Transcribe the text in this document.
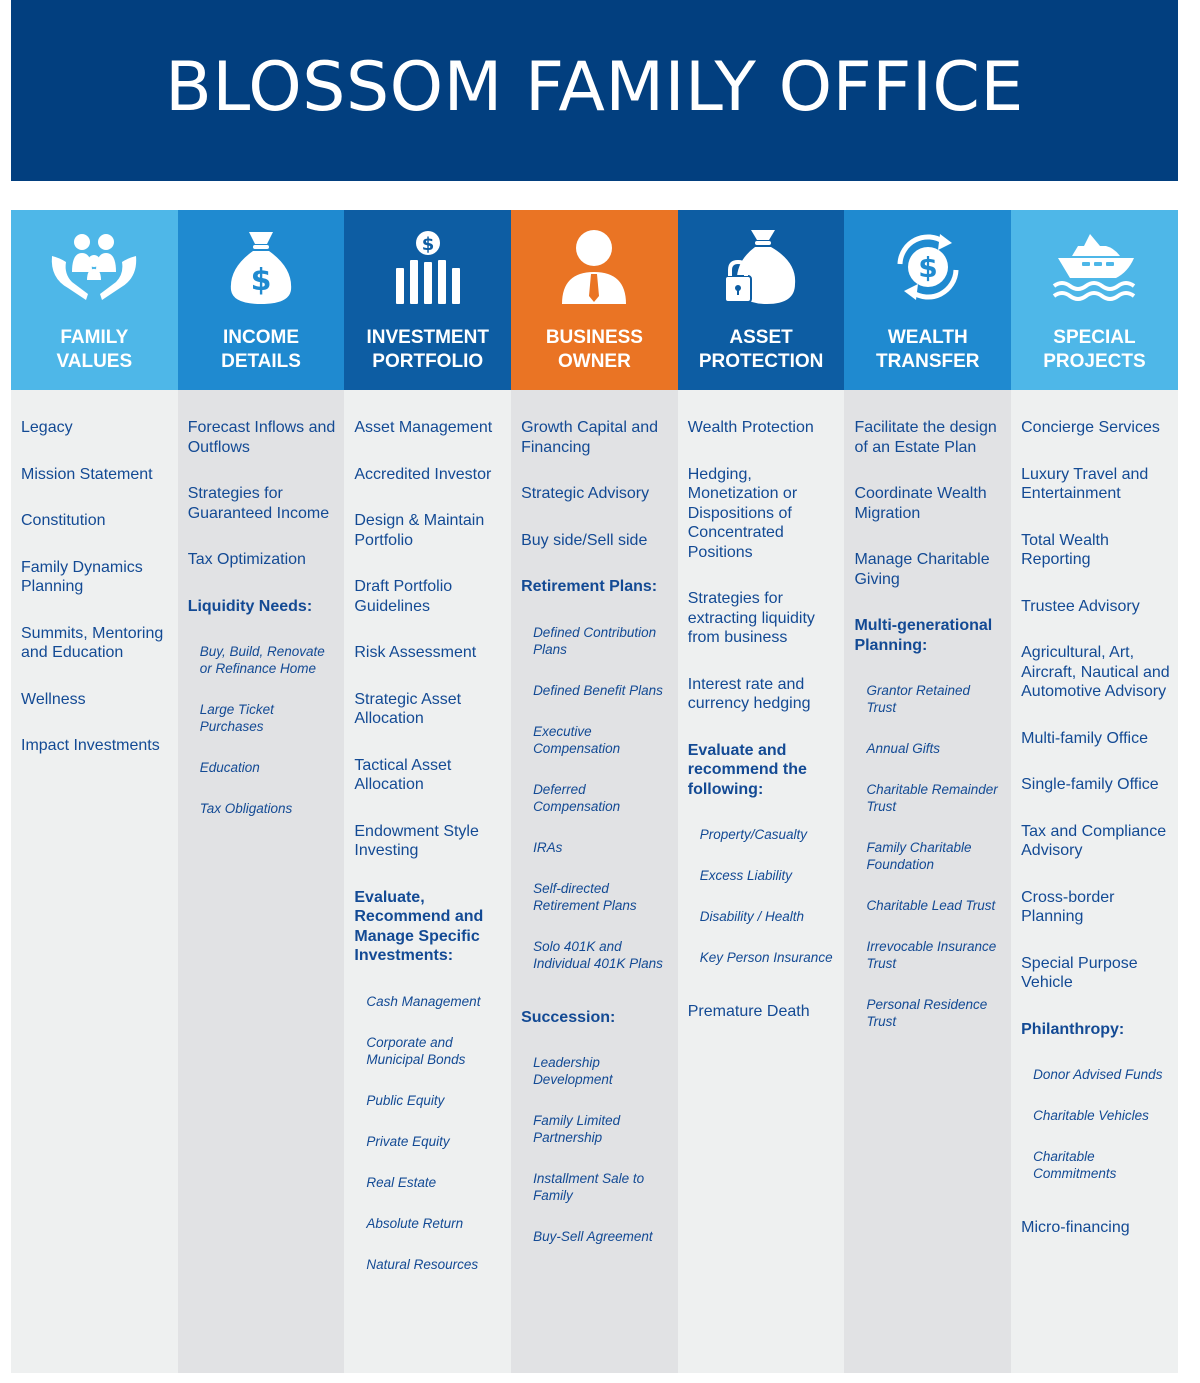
BLOSSOM FAMILY OFFICE
FAMILY
VALUES
Legacy
Mission Statement
Constitution
Family Dynamics Planning
Summits, Mentoring and Education
Wellness
Impact Investments
$
INCOME
DETAILS
Forecast Inflows and Outflows
Strategies for Guaranteed Income
Tax Optimization
Liquidity Needs:
Buy, Build, Renovate or Refinance Home
Large Ticket Purchases
Education
Tax Obligations
$
INVESTMENT
PORTFOLIO
Asset Management
Accredited Investor
Design & Maintain Portfolio
Draft Portfolio Guidelines
Risk Assessment
Strategic Asset Allocation
Tactical Asset Allocation
Endowment Style Investing
Evaluate, Recommend and Manage Specific Investments:
Cash Management
Corporate and Municipal Bonds
Public Equity
Private Equity
Real Estate
Absolute Return
Natural Resources
BUSINESS
OWNER
Growth Capital and Financing
Strategic Advisory
Buy side/Sell side
Retirement Plans:
Defined Contribution Plans
Defined Benefit Plans
Executive Compensation
Deferred Compensation
IRAs
Self-directed Retirement Plans
Solo 401K and Individual 401K Plans
Succession:
Leadership Development
Family Limited Partnership
Installment Sale to Family
Buy-Sell Agreement
ASSET
PROTECTION
Wealth Protection
Hedging, Monetization or Dispositions of Concentrated Positions
Strategies for extracting liquidity from business
Interest rate and currency hedging
Evaluate and recommend the following:
Property/Casualty
Excess Liability
Disability / Health
Key Person Insurance
Premature Death
$
WEALTH
TRANSFER
Facilitate the design of an Estate Plan
Coordinate Wealth Migration
Manage Charitable Giving
Multi-generational Planning:
Grantor Retained Trust
Annual Gifts
Charitable Remainder Trust
Family Charitable Foundation
Charitable Lead Trust
Irrevocable Insurance Trust
Personal Residence Trust
SPECIAL
PROJECTS
Concierge Services
Luxury Travel and Entertainment
Total Wealth Reporting
Trustee Advisory
Agricultural, Art, Aircraft, Nautical and Automotive Advisory
Multi-family Office
Single-family Office
Tax and Compliance Advisory
Cross-border Planning
Special Purpose Vehicle
Philanthropy:
Donor Advised Funds
Charitable Vehicles
Charitable Commitments
Micro-financing
